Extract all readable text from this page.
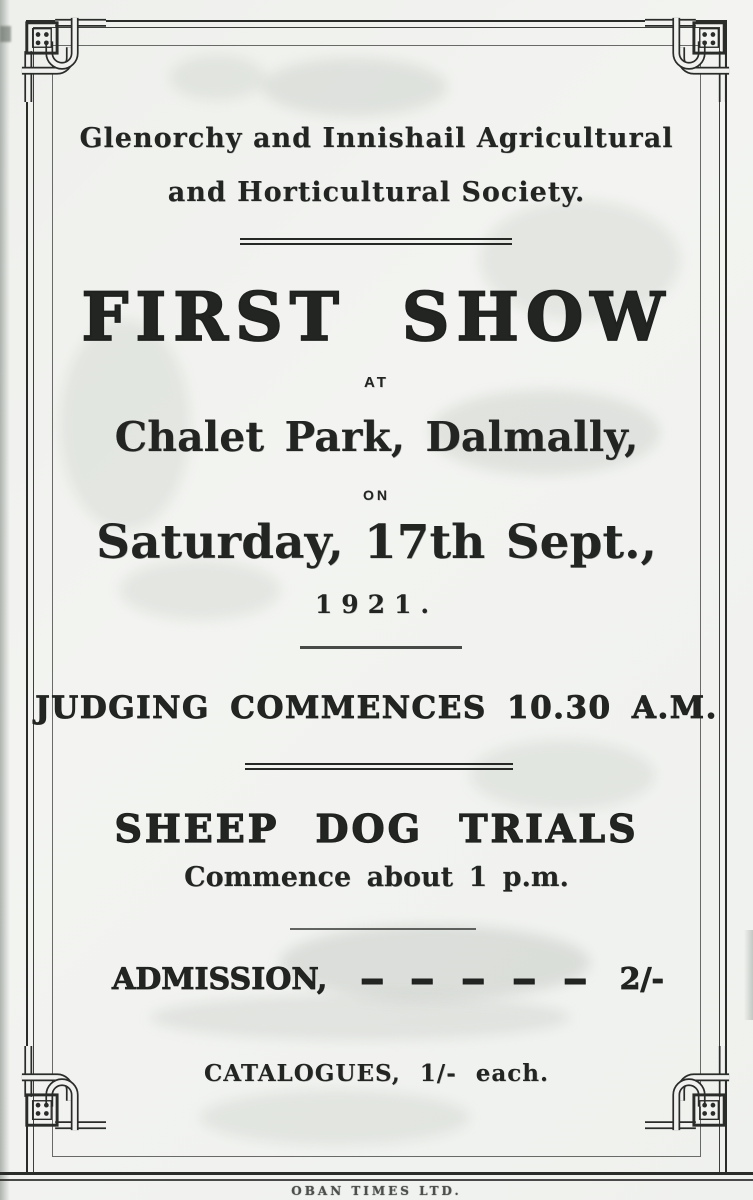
Glenorchy and Innishail Agricultural
and Horticultural Society.
FIRST SHOW
AT
Chalet Park, Dalmally,
ON
Saturday, 17th Sept.,
1921.
JUDGING COMMENCES 10.30 A.M.
SHEEP DOG TRIALS
Commence about 1 p.m.
ADMISSION, - - - - - 2/-
CATALOGUES, 1/- each.
OBAN TIMES LTD.
